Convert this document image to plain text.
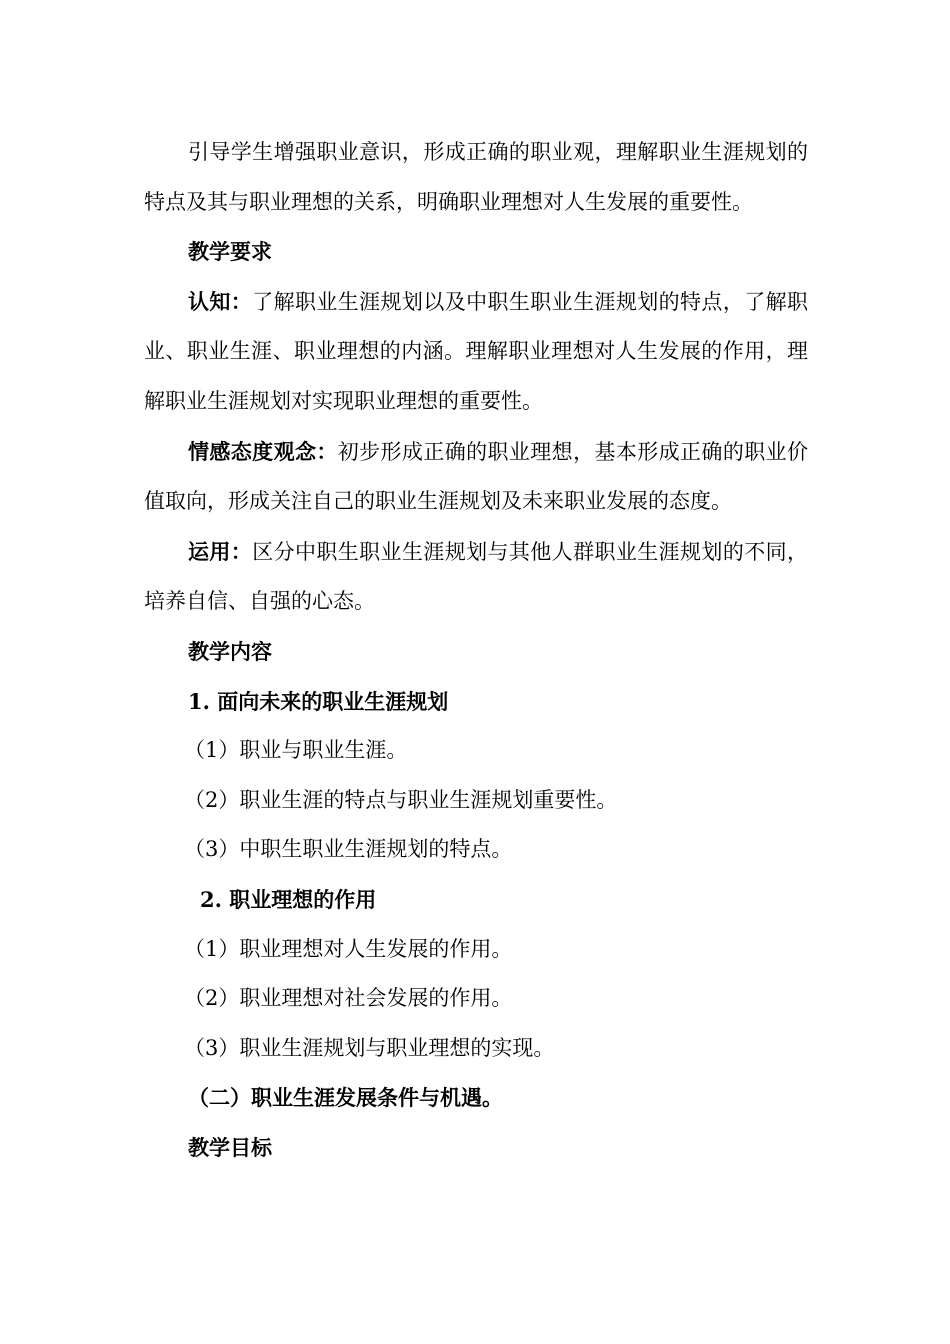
引导学生增强职业意识，形成正确的职业观，理解职业生涯规划的特点及其与职业理想的关系，明确职业理想对人生发展的重要性。

教学要求

认知：了解职业生涯规划以及中职生职业生涯规划的特点，了解职业、职业生涯、职业理想的内涵。理解职业理想对人生发展的作用，理解职业生涯规划对实现职业理想的重要性。

情感态度观念：初步形成正确的职业理想，基本形成正确的职业价值取向，形成关注自己的职业生涯规划及未来职业发展的态度。

运用：区分中职生职业生涯规划与其他人群职业生涯规划的不同，培养自信、自强的心态。

教学内容

1. 面向未来的职业生涯规划

（1）职业与职业生涯。

（2）职业生涯的特点与职业生涯规划重要性。

（3）中职生职业生涯规划的特点。

2. 职业理想的作用

（1）职业理想对人生发展的作用。

（2）职业理想对社会发展的作用。

（3）职业生涯规划与职业理想的实现。

（二）职业生涯发展条件与机遇。

教学目标
